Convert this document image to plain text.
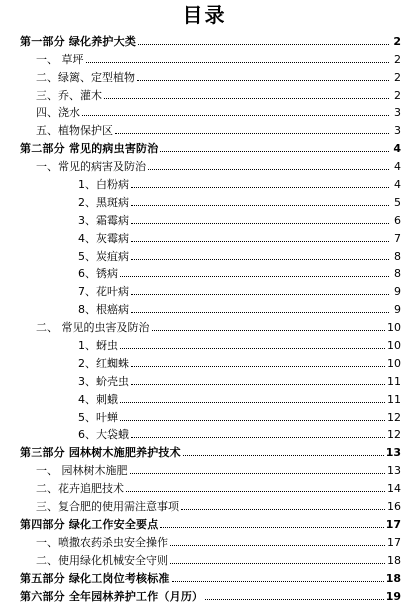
目录
第一部分 绿化养护大类	2
一、 草坪	2
二、绿篱、定型植物	2
三、乔、灌木	2
四、浇水	3
五、植物保护区	3
第二部分 常见的病虫害防治	4
一、常见的病害及防治	4
1、白粉病	4
2、黑斑病	5
3、霜霉病	6
4、灰霉病	7
5、炭疽病	8
6、锈病	8
7、花叶病	9
8、根癌病	9
二、 常见的虫害及防治	10
1、蚜虫	10
2、红蜘蛛	10
3、蚧壳虫	11
4、刺蛾	11
5、叶蝉	12
6、大袋蛾	12
第三部分 园林树木施肥养护技术	13
一、 园林树木施肥	13
二、花卉追肥技术	14
三、复合肥的使用需注意事项	16
第四部分 绿化工作安全要点	17
一、喷撒农药杀虫安全操作	17
二、使用绿化机械安全守则	18
第五部分 绿化工岗位考核标准	18
第六部分 全年园林养护工作（月历）	19
